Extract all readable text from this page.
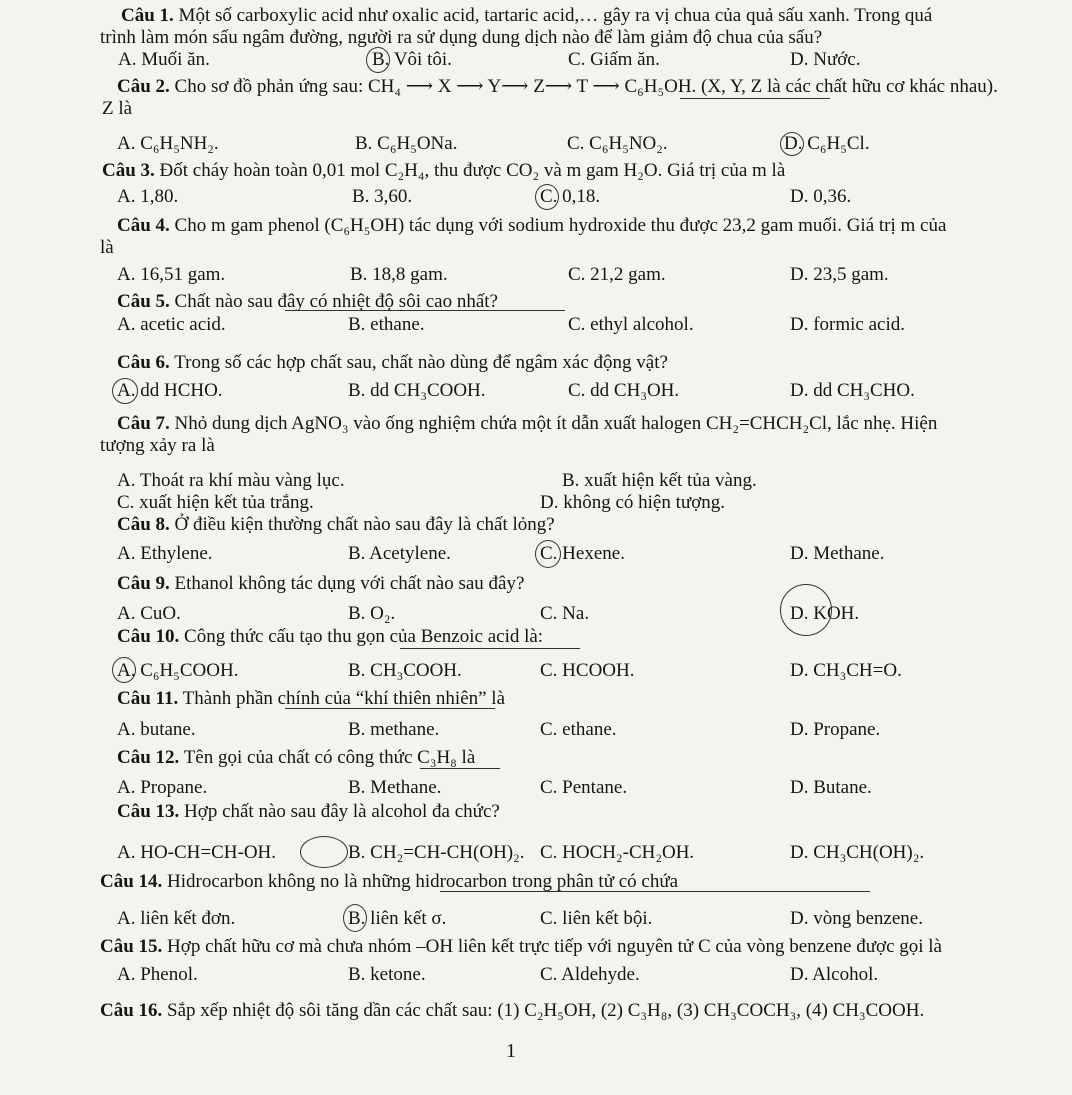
Câu 1. Một số carboxylic acid như oxalic acid, tartaric acid,… gây ra vị chua của quả sấu xanh. Trong quá
trình làm món sấu ngâm đường, người ra sử dụng dung dịch nào để làm giảm độ chua của sấu?
A. Muối ăn.	B. Vôi tôi.	C. Giấm ăn.	D. Nước.
Câu 2. Cho sơ đồ phản ứng sau: CH₄ ⟶ X ⟶ Y⟶ Z⟶ T ⟶ C₆H₅OH. (X, Y, Z là các chất hữu cơ khác nhau).
Z là
A. C₆H₅NH₂.	B. C₆H₅ONa.	C. C₆H₅NO₂.	D. C₆H₅Cl.
Câu 3. Đốt cháy hoàn toàn 0,01 mol C₂H₄, thu được CO₂ và m gam H₂O. Giá trị của m là
A. 1,80.	B. 3,60.	C. 0,18.	D. 0,36.
Câu 4. Cho m gam phenol (C₆H₅OH) tác dụng với sodium hydroxide thu được 23,2 gam muối. Giá trị m của
là
A. 16,51 gam.	B. 18,8 gam.	C. 21,2 gam.	D. 23,5 gam.
Câu 5. Chất nào sau đây có nhiệt độ sôi cao nhất?
A. acetic acid.	B. ethane.	C. ethyl alcohol.	D. formic acid.
Câu 6. Trong số các hợp chất sau, chất nào dùng để ngâm xác động vật?
A. dd HCHO.	B. dd CH₃COOH.	C. dd CH₃OH.	D. dd CH₃CHO.
Câu 7. Nhỏ dung dịch AgNO₃ vào ống nghiệm chứa một ít dẫn xuất halogen CH₂=CHCH₂Cl, lắc nhẹ. Hiện
tượng xảy ra là
A. Thoát ra khí màu vàng lục.	B. xuất hiện kết tủa vàng.
C. xuất hiện kết tủa trắng.	D. không có hiện tượng.
Câu 8. Ở điều kiện thường chất nào sau đây là chất lỏng?
A. Ethylene.	B. Acetylene.	C. Hexene.	D. Methane.
Câu 9. Ethanol không tác dụng với chất nào sau đây?
A. CuO.	B. O₂.	C. Na.	D. KOH.
Câu 10. Công thức cấu tạo thu gọn của Benzoic acid là:
A. C₆H₅COOH.	B. CH₃COOH.	C. HCOOH.	D. CH₃CH=O.
Câu 11. Thành phần chính của “khí thiên nhiên” là
A. butane.	B. methane.	C. ethane.	D. Propane.
Câu 12. Tên gọi của chất có công thức C₃H₈ là
A. Propane.	B. Methane.	C. Pentane.	D. Butane.
Câu 13. Hợp chất nào sau đây là alcohol đa chức?
A. HO-CH=CH-OH.	B. CH₂=CH-CH(OH)₂. C. HOCH₂-CH₂OH.	D. CH₃CH(OH)₂.
Câu 14. Hidrocarbon không no là những hidrocarbon trong phân tử có chứa
A. liên kết đơn.	B. liên kết σ.	C. liên kết bội.	D. vòng benzene.
Câu 15. Hợp chất hữu cơ mà chưa nhóm –OH liên kết trực tiếp với nguyên tử C của vòng benzene được gọi là
A. Phenol.	B. ketone.	C. Aldehyde.	D. Alcohol.
Câu 16. Sắp xếp nhiệt độ sôi tăng dần các chất sau: (1) C₂H₅OH, (2) C₃H₈, (3) CH₃COCH₃, (4) CH₃COOH.
1
